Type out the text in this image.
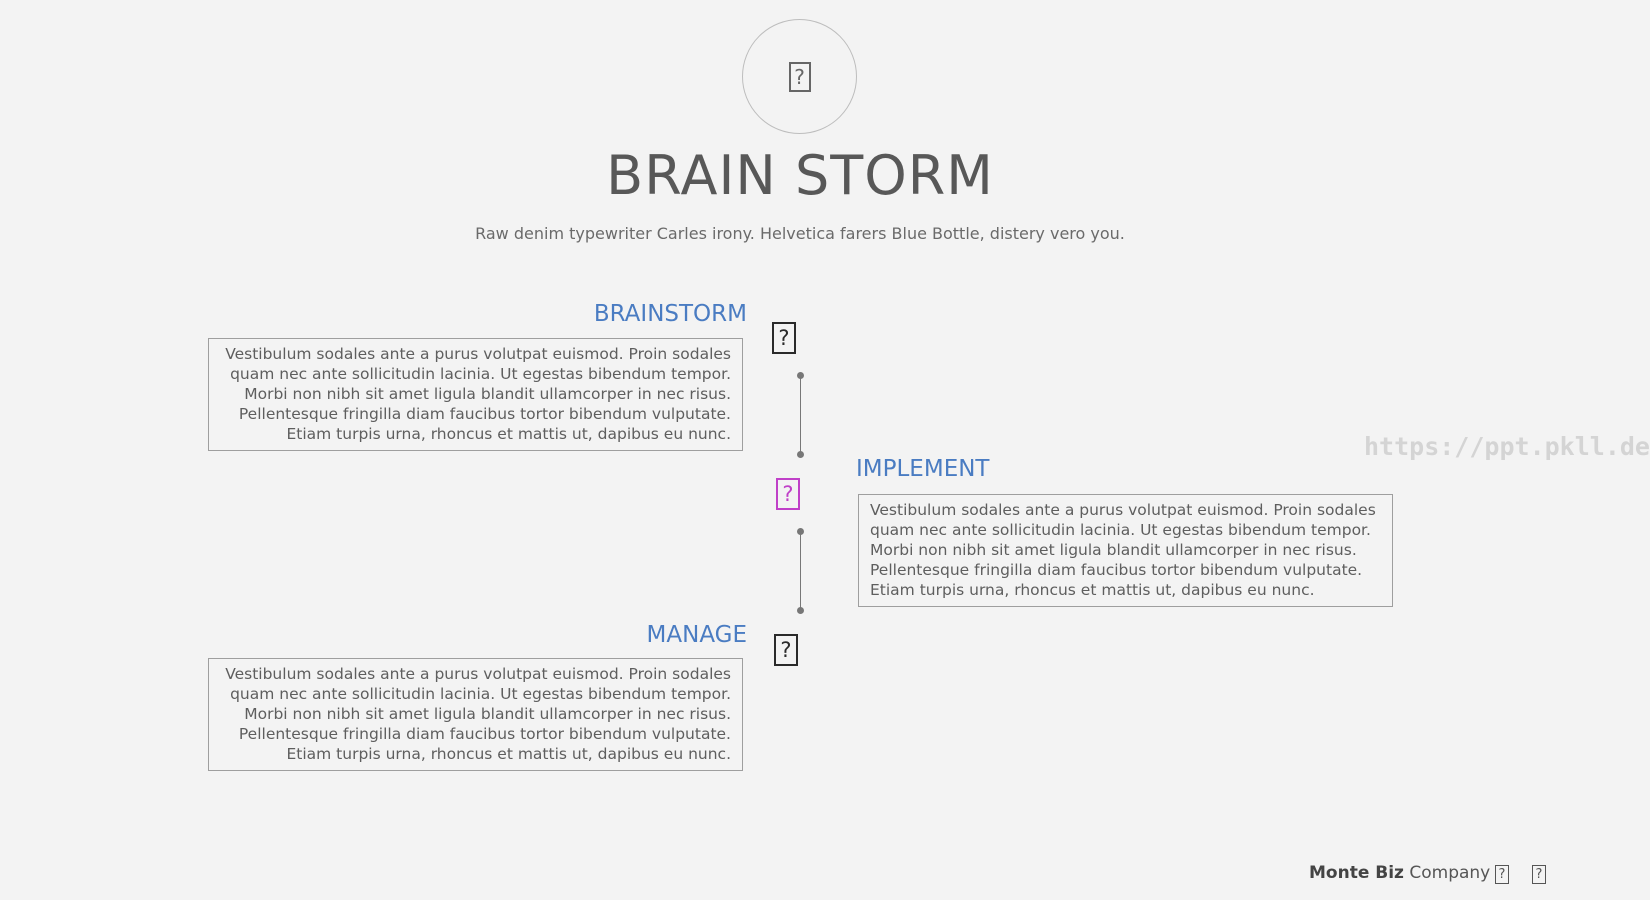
?
BRAIN STORM

Raw denim typewriter Carles irony. Helvetica farers Blue Bottle, distery vero you.

BRAINSTORM
Vestibulum sodales ante a purus volutpat euismod. Proin sodales quam nec ante sollicitudin lacinia. Ut egestas bibendum tempor. Morbi non nibh sit amet ligula blandit ullamcorper in nec risus. Pellentesque fringilla diam faucibus tortor bibendum vulputate. Etiam turpis urna, rhoncus et mattis ut, dapibus eu nunc.
?
?
IMPLEMENT
Vestibulum sodales ante a purus volutpat euismod. Proin sodales quam nec ante sollicitudin lacinia. Ut egestas bibendum tempor. Morbi non nibh sit amet ligula blandit ullamcorper in nec risus. Pellentesque fringilla diam faucibus tortor bibendum vulputate. Etiam turpis urna, rhoncus et mattis ut, dapibus eu nunc.
MANAGE
Vestibulum sodales ante a purus volutpat euismod. Proin sodales quam nec ante sollicitudin lacinia. Ut egestas bibendum tempor. Morbi non nibh sit amet ligula blandit ullamcorper in nec risus. Pellentesque fringilla diam faucibus tortor bibendum vulputate. Etiam turpis urna, rhoncus et mattis ut, dapibus eu nunc.
?
https://ppt.pkll.de
Monte Biz Company ? ?
